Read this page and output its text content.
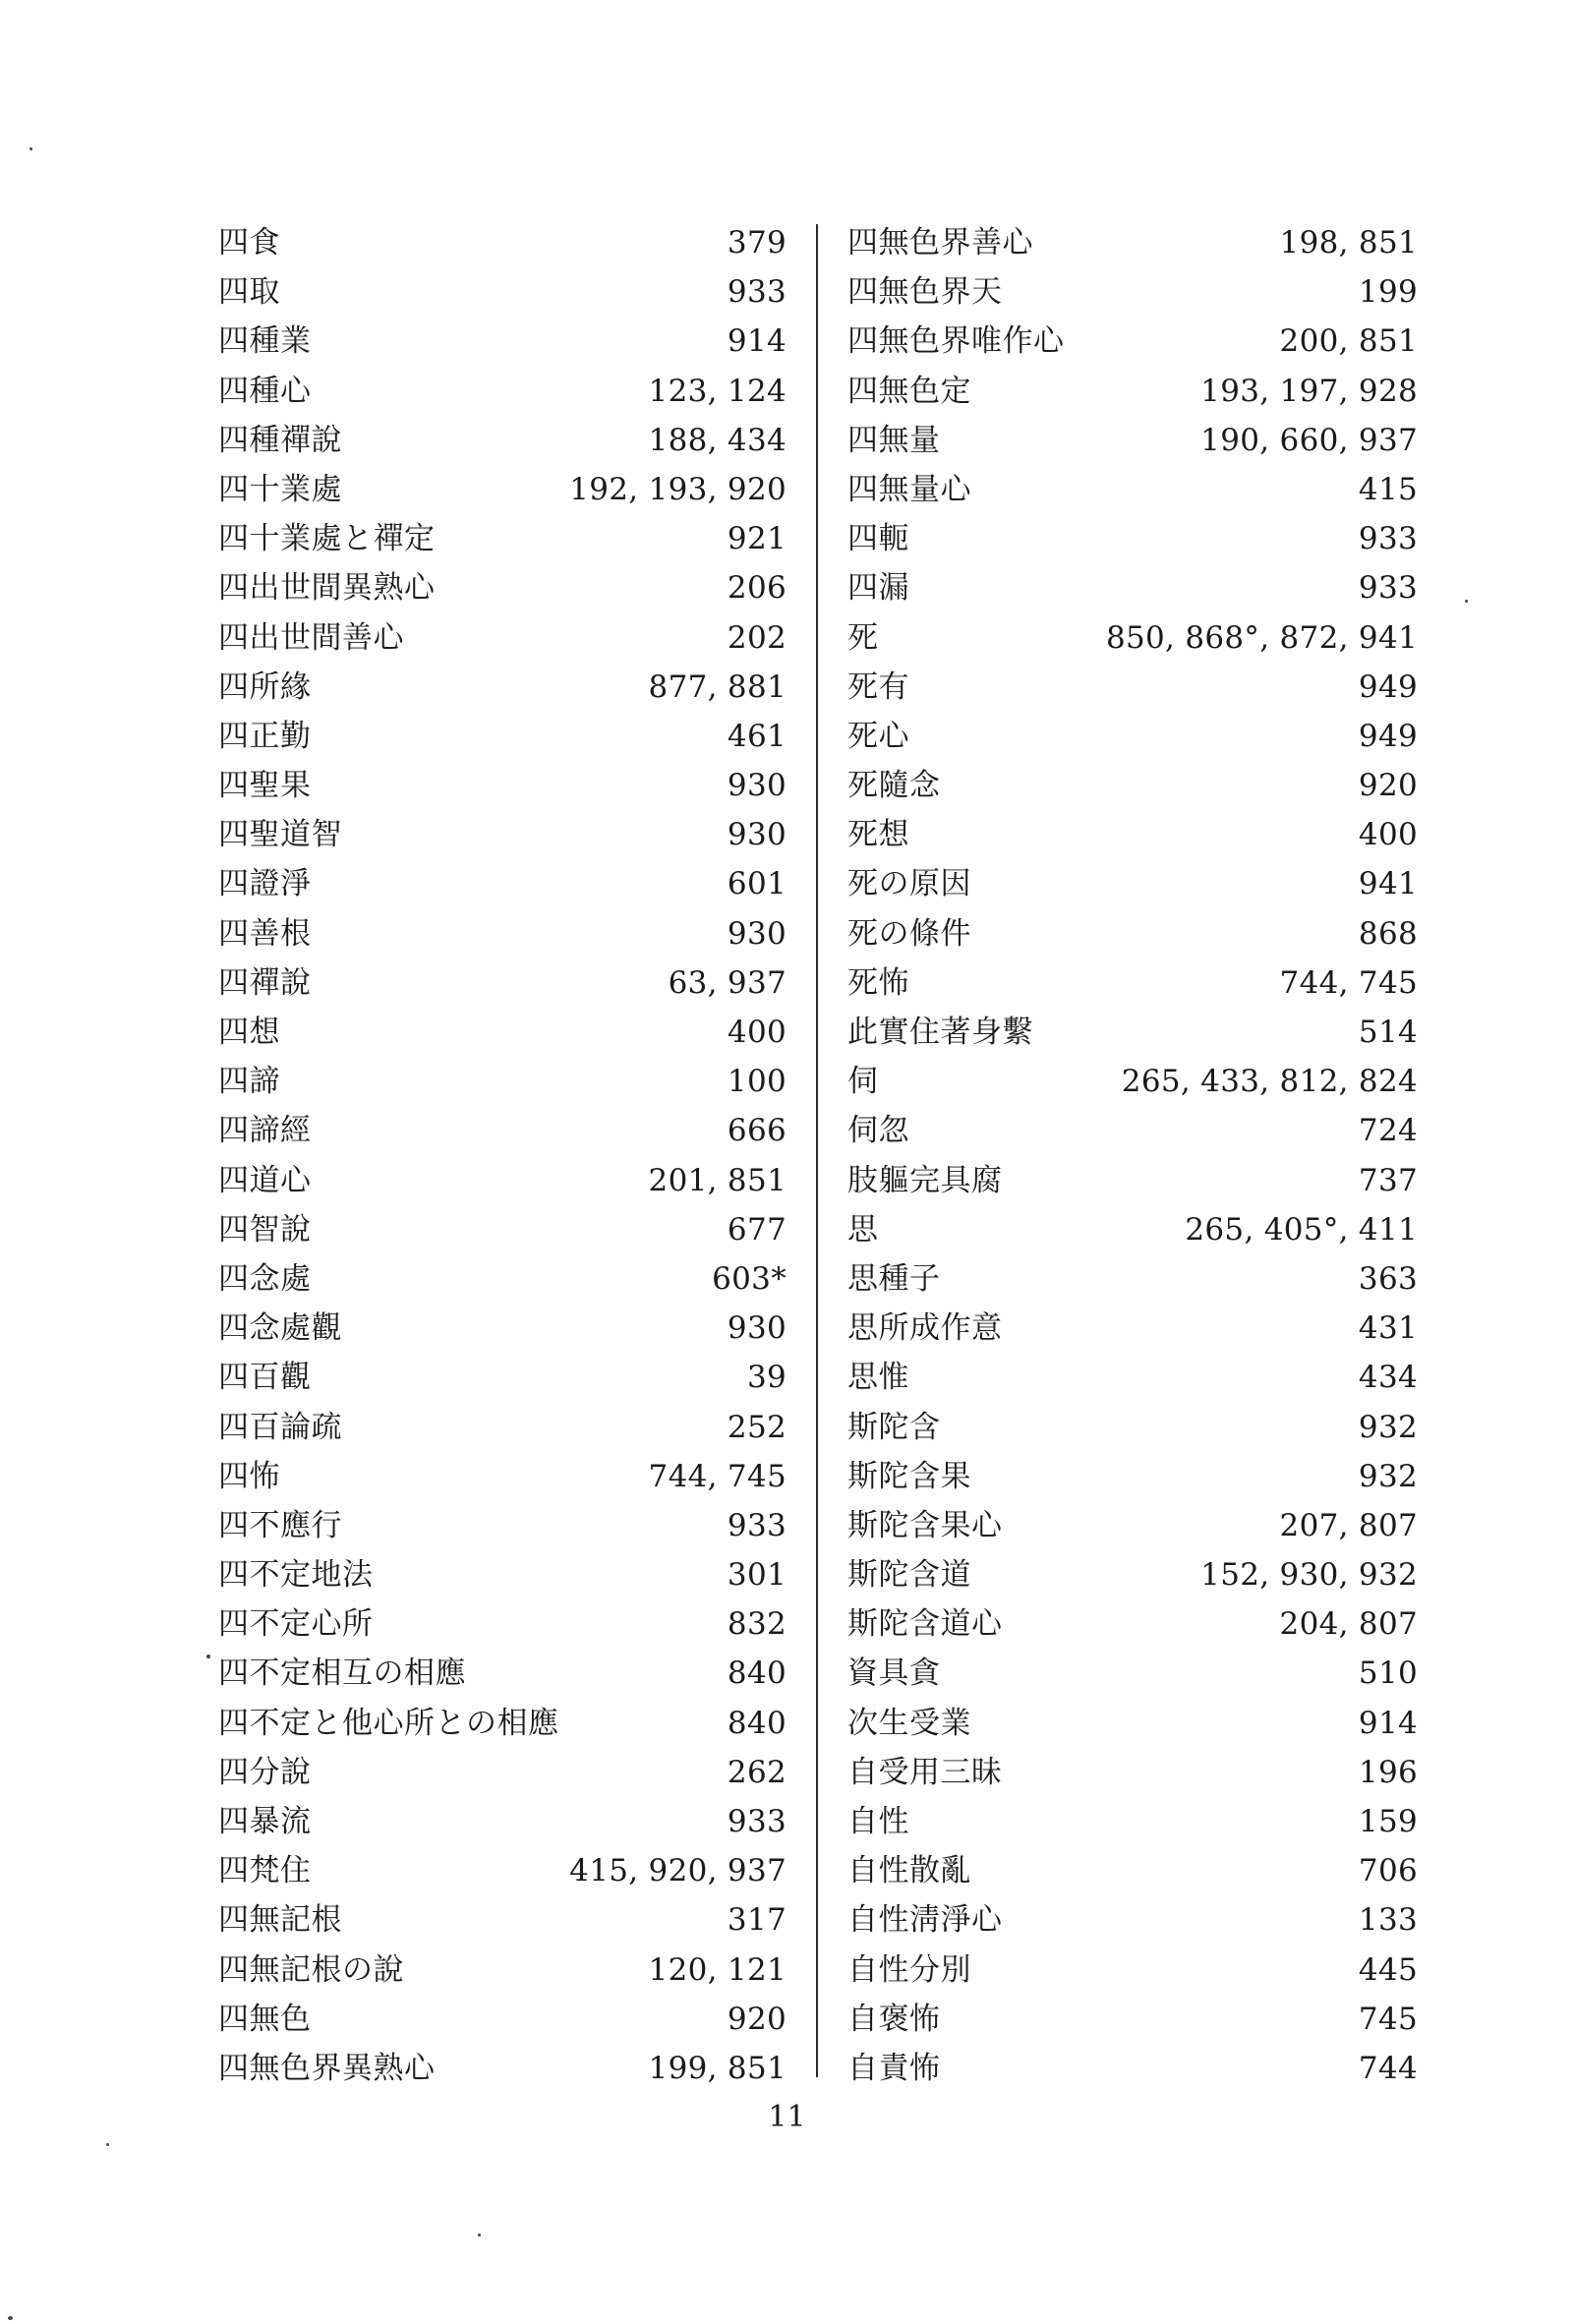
四食	379
四取	933
四種業	914
四種心	123, 124
四種禪說	188, 434
四十業處	192, 193, 920
四十業處と禪定	921
四出世間異熟心	206
四出世間善心	202
四所緣	877, 881
四正勤	461
四聖果	930
四聖道智	930
四證淨	601
四善根	930
四禪說	63, 937
四想	400
四諦	100
四諦經	666
四道心	201, 851
四智說	677
四念處	603*
四念處觀	930
四百觀	39
四百論疏	252
四怖	744, 745
四不應行	933
四不定地法	301
四不定心所	832
四不定相互の相應	840
四不定と他心所との相應	840
四分說	262
四暴流	933
四梵住	415, 920, 937
四無記根	317
四無記根の說	120, 121
四無色	920
四無色界異熟心	199, 851
四無色界善心	198, 851
四無色界天	199
四無色界唯作心	200, 851
四無色定	193, 197, 928
四無量	190, 660, 937
四無量心	415
四軛	933
四漏	933
死	850, 868°, 872, 941
死有	949
死心	949
死隨念	920
死想	400
死の原因	941
死の條件	868
死怖	744, 745
此實住著身繫	514
伺	265, 433, 812, 824
伺忽	724
肢軀完具腐	737
思	265, 405°, 411
思種子	363
思所成作意	431
思惟	434
斯陀含	932
斯陀含果	932
斯陀含果心	207, 807
斯陀含道	152, 930, 932
斯陀含道心	204, 807
資具貪	510
次生受業	914
自受用三昧	196
自性	159
自性散亂	706
自性淸淨心	133
自性分別	445
自褒怖	745
自責怖	744
11
